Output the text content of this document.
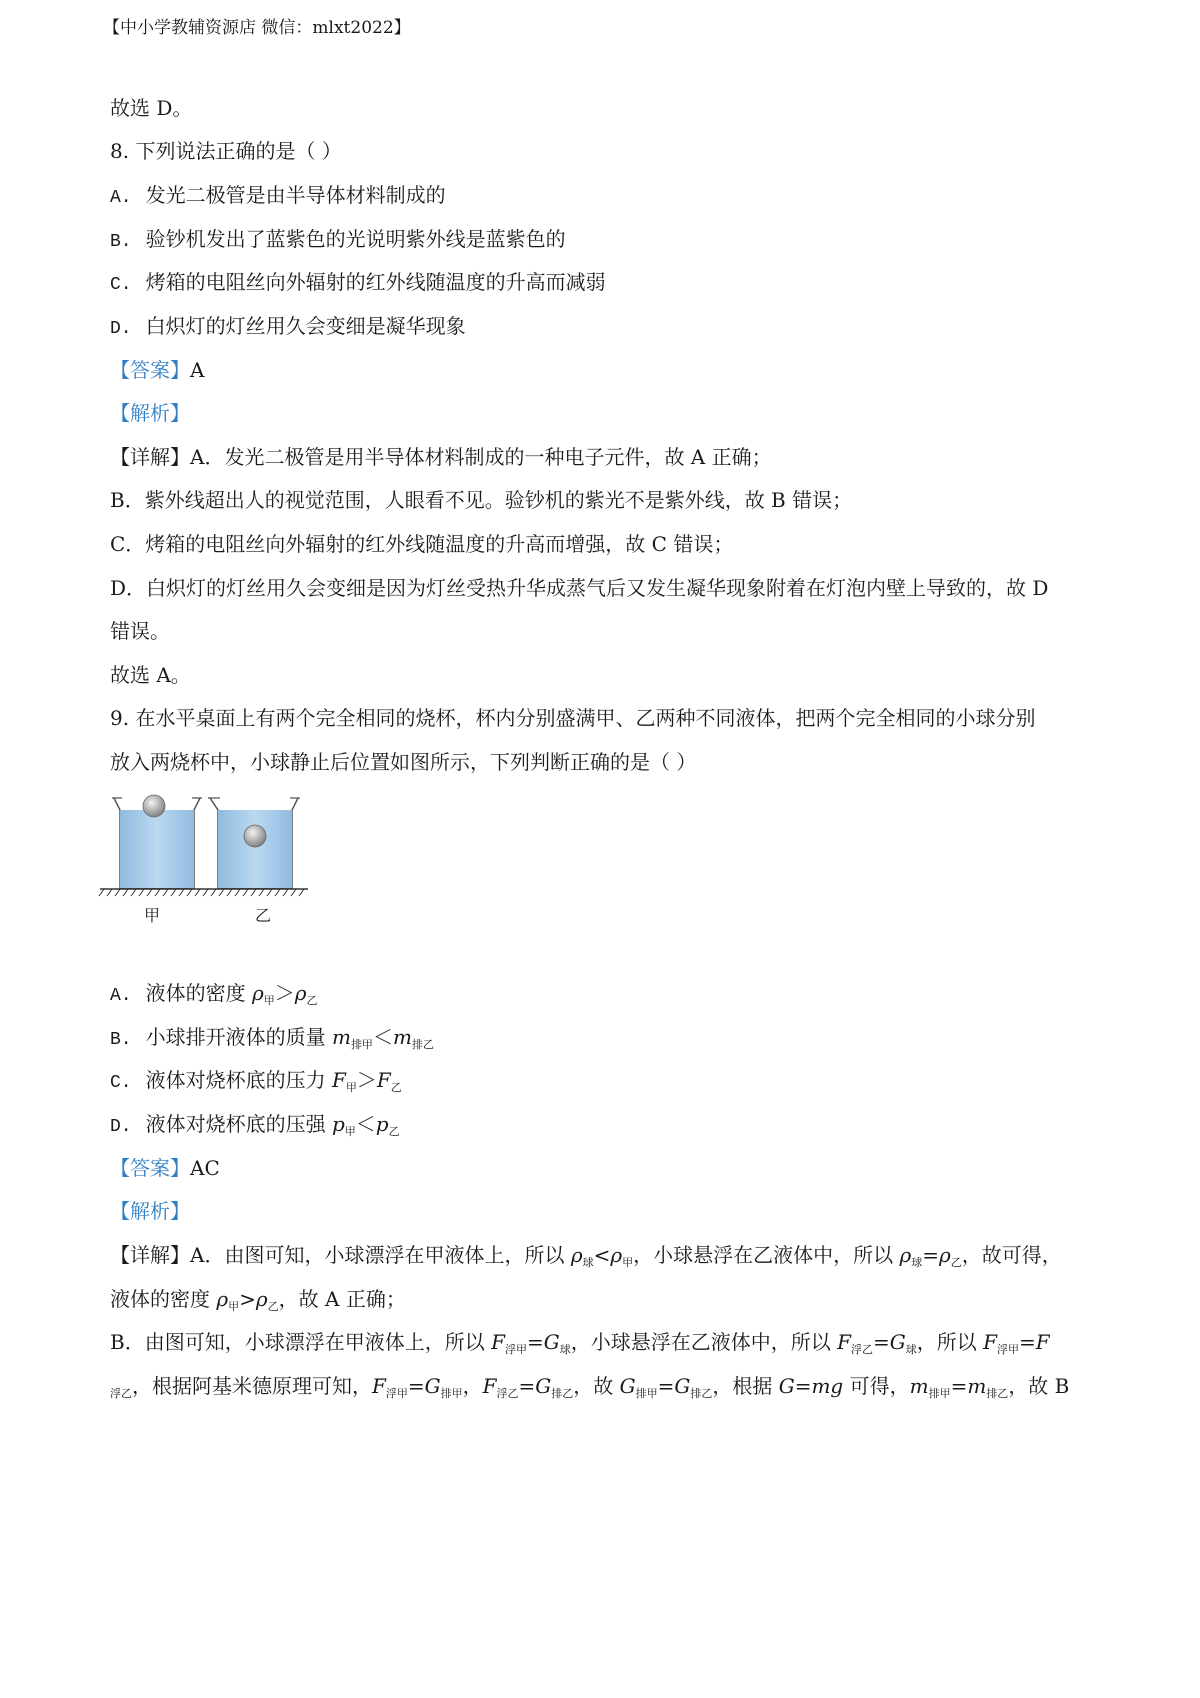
【中小学教辅资源店 微信：mlxt2022】
故选 D。
8. 下列说法正确的是（ ）
A. 发光二极管是由半导体材料制成的
B. 验钞机发出了蓝紫色的光说明紫外线是蓝紫色的
C. 烤箱的电阻丝向外辐射的红外线随温度的升高而减弱
D. 白炽灯的灯丝用久会变细是凝华现象
【答案】A
【解析】
【详解】A．发光二极管是用半导体材料制成的一种电子元件，故 A 正确；
B．紫外线超出人的视觉范围，人眼看不见。验钞机的紫光不是紫外线，故 B 错误；
C．烤箱的电阻丝向外辐射的红外线随温度的升高而增强，故 C 错误；
D．白炽灯的灯丝用久会变细是因为灯丝受热升华成蒸气后又发生凝华现象附着在灯泡内壁上导致的，故 D
错误。
故选 A。
9. 在水平桌面上有两个完全相同的烧杯，杯内分别盛满甲、乙两种不同液体，把两个完全相同的小球分别
放入两烧杯中，小球静止后位置如图所示，下列判断正确的是（ ）
甲	乙
A. 液体的密度 $\rho_甲>\rho_乙$
B. 小球排开液体的质量 $m_{排甲}<m_{排乙}$
C. 液体对烧杯底的压力 $F_甲>F_乙$
D. 液体对烧杯底的压强 $p_甲<p_乙$
【答案】AC
【解析】
【详解】A．由图可知，小球漂浮在甲液体上，所以 $\rho_球<\rho_甲$，小球悬浮在乙液体中，所以 $\rho_球=\rho_乙$，故可得，
液体的密度 $\rho_甲>\rho_乙$，故 A 正确；
B．由图可知，小球漂浮在甲液体上，所以 $F_{浮甲}=G_球$，小球悬浮在乙液体中，所以 $F_{浮乙}=G_球$，所以 $F_{浮甲}=F$
$_{浮乙}$，根据阿基米德原理可知，$F_{浮甲}=G_{排甲}$，$F_{浮乙}=G_{排乙}$，故 $G_{排甲}=G_{排乙}$，根据 G=mg 可得，$m_{排甲}=m_{排乙}$，故 B
